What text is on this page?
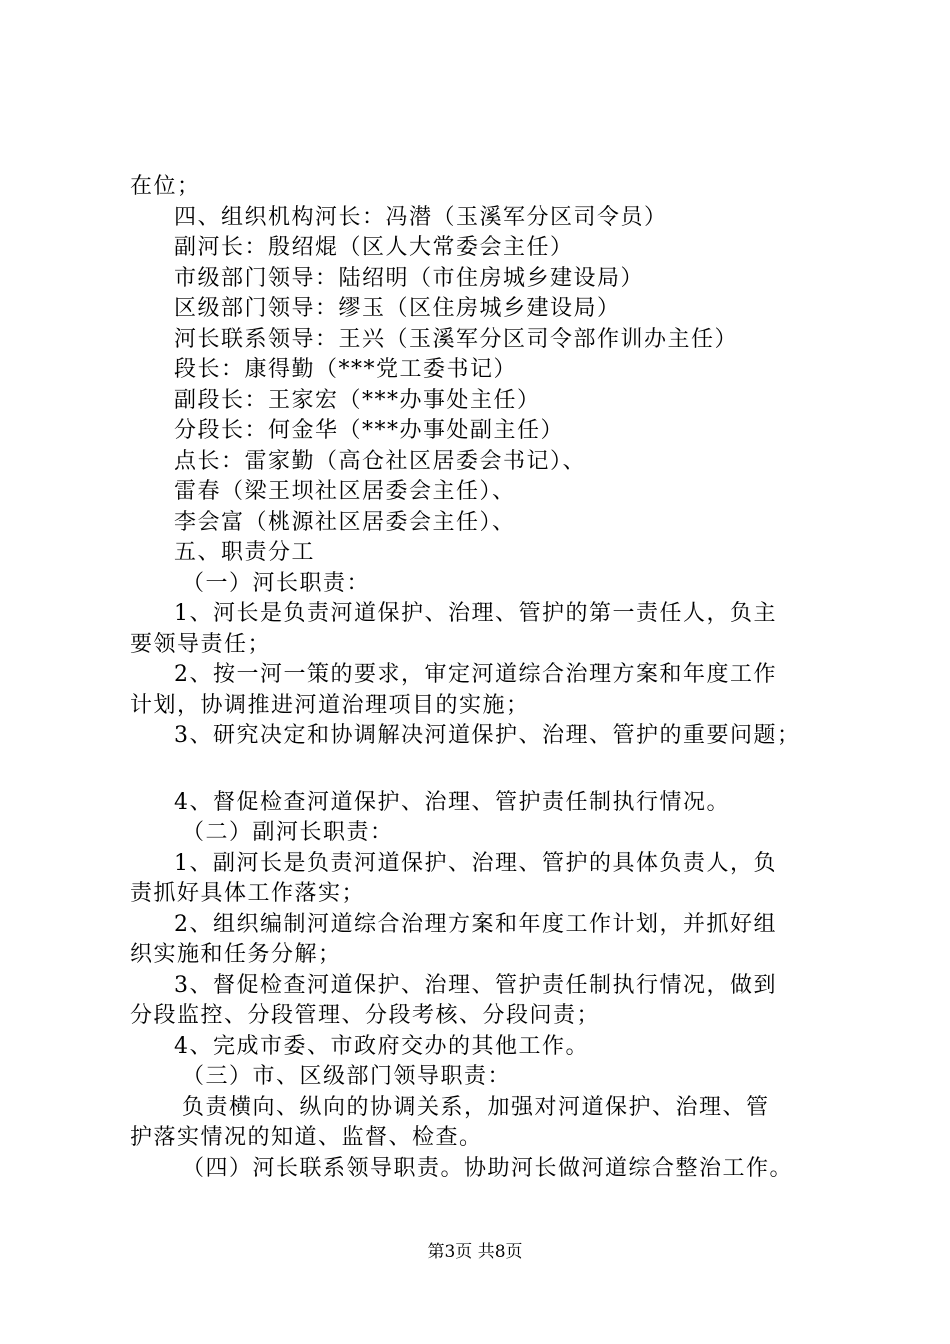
在位；
四、组织机构河长：冯潜（玉溪军分区司令员）
副河长：殷绍焜（区人大常委会主任）
市级部门领导：陆绍明（市住房城乡建设局）
区级部门领导：缪玉（区住房城乡建设局）
河长联系领导：王兴（玉溪军分区司令部作训办主任）
段长：康得勤（***党工委书记）
副段长：王家宏（***办事处主任）
分段长：何金华（***办事处副主任）
点长：雷家勤（高仓社区居委会书记）、
雷春（梁王坝社区居委会主任）、
李会富（桃源社区居委会主任）、
五、职责分工
（一）河长职责：
1、河长是负责河道保护、治理、管护的第一责任人，负主
要领导责任；
2、按一河一策的要求，审定河道综合治理方案和年度工作
计划，协调推进河道治理项目的实施；
3、研究决定和协调解决河道保护、治理、管护的重要问题；
4、督促检查河道保护、治理、管护责任制执行情况。
（二）副河长职责：
1、副河长是负责河道保护、治理、管护的具体负责人，负
责抓好具体工作落实；
2、组织编制河道综合治理方案和年度工作计划，并抓好组
织实施和任务分解；
3、督促检查河道保护、治理、管护责任制执行情况，做到
分段监控、分段管理、分段考核、分段问责；
4、完成市委、市政府交办的其他工作。
（三）市、区级部门领导职责：
负责横向、纵向的协调关系，加强对河道保护、治理、管
护落实情况的知道、监督、检查。
（四）河长联系领导职责。协助河长做河道综合整治工作。
第3页 共8页
